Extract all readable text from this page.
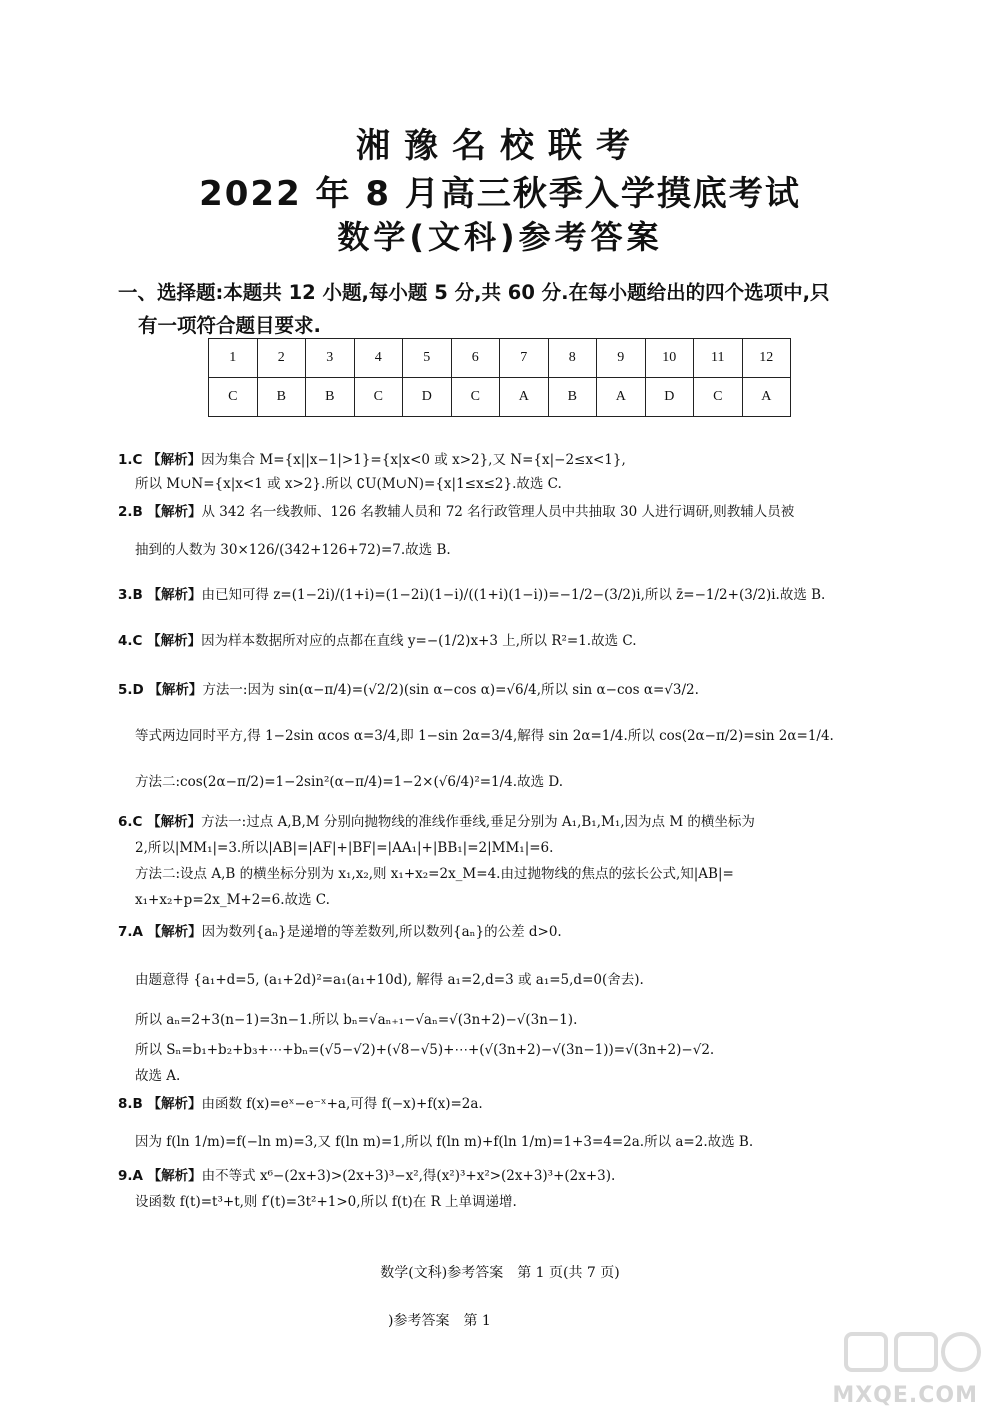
湘豫名校联考
2022 年 8 月高三秋季入学摸底考试
数学(文科)参考答案
一、选择题:本题共 12 小题,每小题 5 分,共 60 分.在每小题给出的四个选项中,只
有一项符合题目要求.
1	2	3	4	5	6	7	8	9	10	11	12
C	B	B	C	D	C	A	B	A	D	C	A
1.C 【解析】因为集合 M={x||x−1|>1}={x|x<0 或 x>2},又 N={x|−2≤x<1},
所以 M∪N={x|x<1 或 x>2}.所以 ∁U(M∪N)={x|1≤x≤2}.故选 C.
2.B 【解析】从 342 名一线教师、126 名教辅人员和 72 名行政管理人员中共抽取 30 人进行调研,则教辅人员被
抽到的人数为 30×126/(342+126+72)=7.故选 B.
3.B 【解析】由已知可得 z=(1−2i)/(1+i)=(1−2i)(1−i)/((1+i)(1−i))=−1/2−(3/2)i,所以 z̄=−1/2+(3/2)i.故选 B.
4.C 【解析】因为样本数据所对应的点都在直线 y=−(1/2)x+3 上,所以 R²=1.故选 C.
5.D 【解析】方法一:因为 sin(α−π/4)=(√2/2)(sin α−cos α)=√6/4,所以 sin α−cos α=√3/2.
等式两边同时平方,得 1−2sin αcos α=3/4,即 1−sin 2α=3/4,解得 sin 2α=1/4.所以 cos(2α−π/2)=sin 2α=1/4.
方法二:cos(2α−π/2)=1−2sin²(α−π/4)=1−2×(√6/4)²=1/4.故选 D.
6.C 【解析】方法一:过点 A,B,M 分别向抛物线的准线作垂线,垂足分别为 A₁,B₁,M₁,因为点 M 的横坐标为
2,所以|MM₁|=3.所以|AB|=|AF|+|BF|=|AA₁|+|BB₁|=2|MM₁|=6.
方法二:设点 A,B 的横坐标分别为 x₁,x₂,则 x₁+x₂=2x_M=4.由过抛物线的焦点的弦长公式,知|AB|=
x₁+x₂+p=2x_M+2=6.故选 C.
7.A 【解析】因为数列{aₙ}是递增的等差数列,所以数列{aₙ}的公差 d>0.
由题意得 {a₁+d=5, (a₁+2d)²=a₁(a₁+10d), 解得 a₁=2,d=3 或 a₁=5,d=0(舍去).
所以 aₙ=2+3(n−1)=3n−1.所以 bₙ=√aₙ₊₁−√aₙ=√(3n+2)−√(3n−1).
所以 Sₙ=b₁+b₂+b₃+⋯+bₙ=(√5−√2)+(√8−√5)+⋯+(√(3n+2)−√(3n−1))=√(3n+2)−√2.
故选 A.
8.B 【解析】由函数 f(x)=eˣ−e⁻ˣ+a,可得 f(−x)+f(x)=2a.
因为 f(ln 1/m)=f(−ln m)=3,又 f(ln m)=1,所以 f(ln m)+f(ln 1/m)=1+3=4=2a.所以 a=2.故选 B.
9.A 【解析】由不等式 x⁶−(2x+3)>(2x+3)³−x²,得(x²)³+x²>(2x+3)³+(2x+3).
设函数 f(t)=t³+t,则 f′(t)=3t²+1>0,所以 f(t)在 R 上单调递增.
数学(文科)参考答案　第 1 页(共 7 页)
)参考答案　第 1
MXQE.COM
